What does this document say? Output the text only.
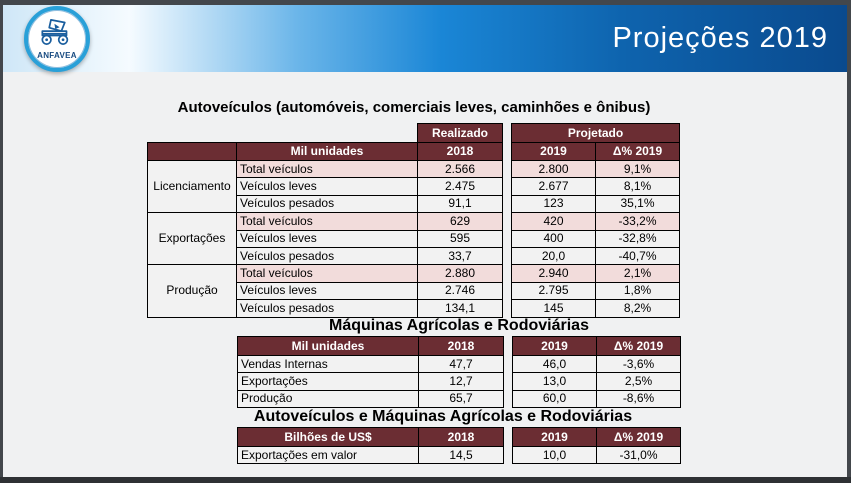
Projeções 2019
ANFAVEA
Autoveículos (automóveis, comerciais leves, caminhões e ônibus)
		Realizado		Projetado	
	Mil unidades	2018		2019	Δ% 2019
Licenciamento	Total veículos	2.566		2.800	9,1%
	Veículos leves	2.475		2.677	8,1%
	Veículos pesados	91,1		123	35,1%
Exportações	Total veículos	629		420	-33,2%
	Veículos leves	595		400	-32,8%
	Veículos pesados	33,7		20,0	-40,7%
Produção	Total veículos	2.880		2.940	2,1%
	Veículos leves	2.746		2.795	1,8%
	Veículos pesados	134,1		145	8,2%
Máquinas Agrícolas e Rodoviárias
Mil unidades	2018		2019	Δ% 2019
Vendas Internas	47,7		46,0	-3,6%
Exportações	12,7		13,0	2,5%
Produção	65,7		60,0	-8,6%
Autoveículos e Máquinas Agrícolas e Rodoviárias
Bilhões de US$	2018		2019	Δ% 2019
Exportações em valor	14,5		10,0	-31,0%
